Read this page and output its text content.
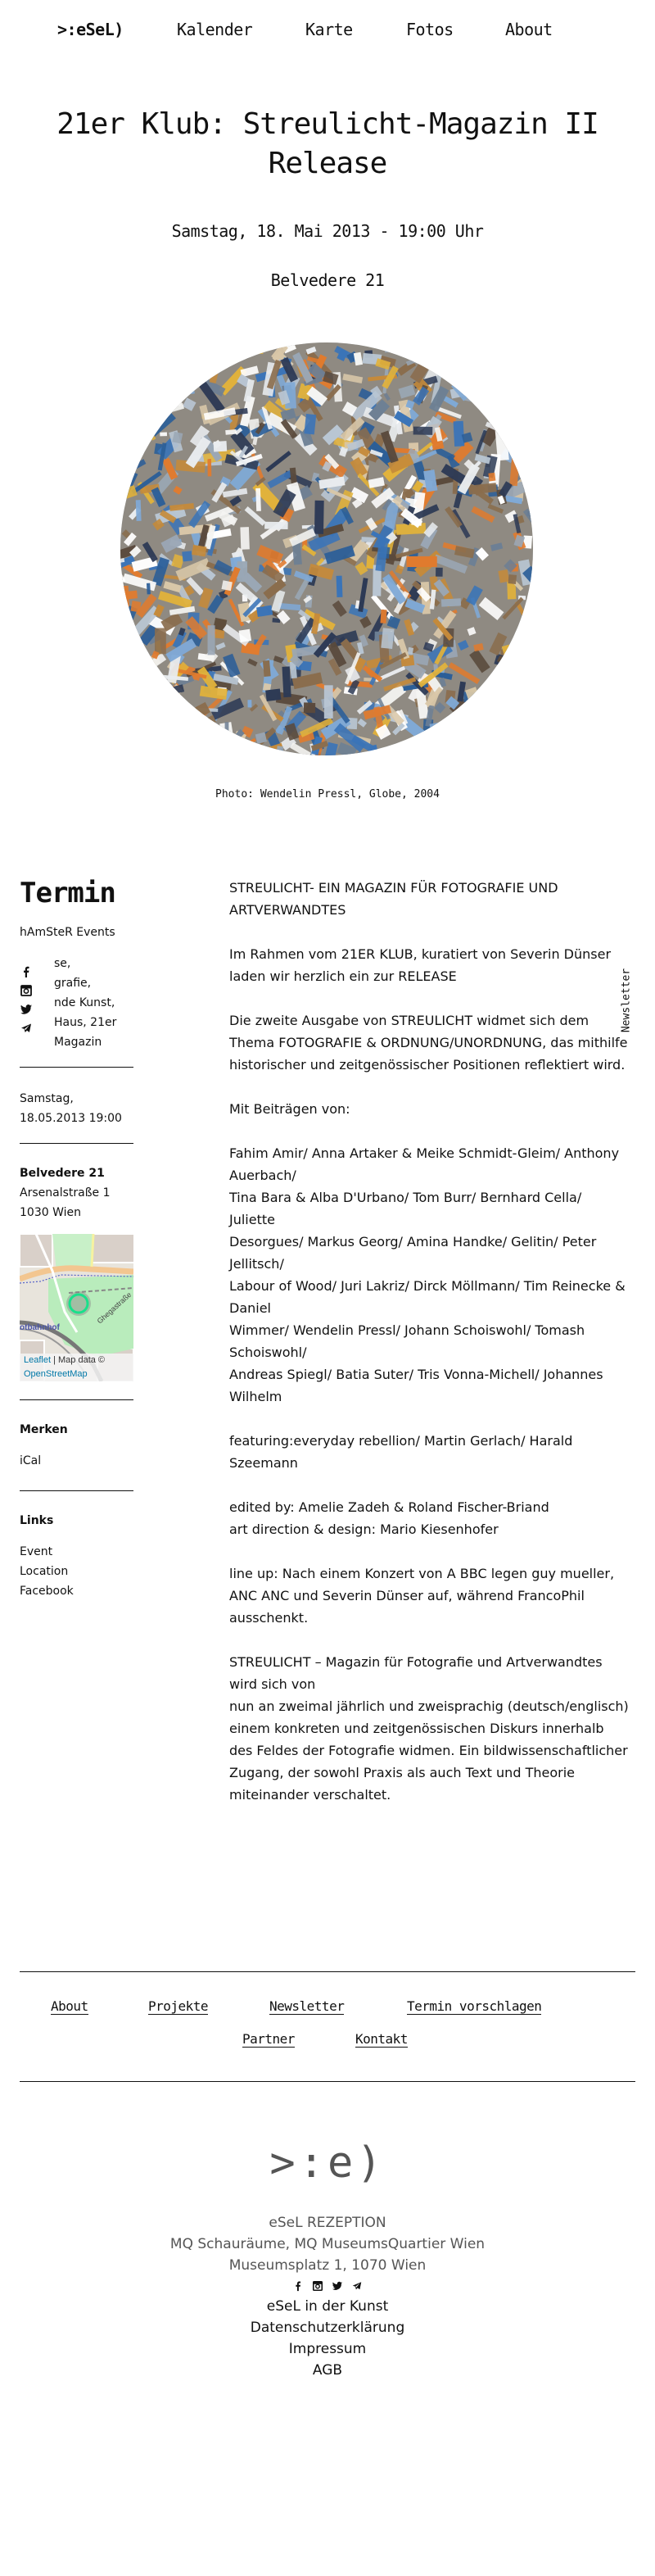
>:eSeL)	Kalender	Karte	Fotos	About
21er Klub: Streulicht-Magazin II Release
Samstag, 18. Mai 2013 - 19:00 Uhr
Belvedere 21
Photo: Wendelin Pressl, Globe, 2004
Termin
hAmSteR Events
se,
grafie,
nde Kunst,
Haus, 21er
Magazin
Samstag,
18.05.2013 19:00
Belvedere 21
Arsenalstraße 1
1030 Wien
otbahnhof
Ghegastraße
Leaflet | Map data ©
OpenStreetMap
Merken
iCal
Links
Event
Location
Facebook

STREULICHT- EIN MAGAZIN FÜR FOTOGRAFIE UND ARTVERWANDTES

Im Rahmen vom 21ER KLUB, kuratiert von Severin Dünser laden wir herzlich ein zur RELEASE

Die zweite Ausgabe von STREULICHT widmet sich dem Thema FOTOGRAFIE & ORDNUNG/UNORDNUNG, das mithilfe historischer und zeitgenössischer Positionen reflektiert wird.

Mit Beiträgen von:

Fahim Amir/ Anna Artaker & Meike Schmidt-Gleim/ Anthony Auerbach/
Tina Bara & Alba D'Urbano/ Tom Burr/ Bernhard Cella/ Juliette
Desorgues/ Markus Georg/ Amina Handke/ Gelitin/ Peter Jellitsch/
Labour of Wood/ Juri Lakriz/ Dirck Möllmann/ Tim Reinecke & Daniel
Wimmer/ Wendelin Pressl/ Johann Schoiswohl/ Tomash Schoiswohl/
Andreas Spiegl/ Batia Suter/ Tris Vonna-Michell/ Johannes Wilhelm

featuring:everyday rebellion/ Martin Gerlach/ Harald Szeemann

edited by: Amelie Zadeh & Roland Fischer-Briand
art direction & design: Mario Kiesenhofer

line up: Nach einem Konzert von A BBC legen guy mueller, ANC ANC und Severin Dünser auf, während FrancoPhil ausschenkt.

STREULICHT – Magazin für Fotografie und Artverwandtes wird sich von
nun an zweimal jährlich und zweisprachig (deutsch/englisch) einem konkreten und zeitgenössischen Diskurs innerhalb des Feldes der Fotografie widmen. Ein bildwissenschaftlicher Zugang, der sowohl Praxis als auch Text und Theorie miteinander verschaltet.

Newsletter
About	Projekte	Newsletter	Termin vorschlagen
Partner	Kontakt
>:e)
eSeL REZEPTION
MQ Schauräume, MQ MuseumsQuartier Wien
Museumsplatz 1, 1070 Wien
eSeL in der Kunst
Datenschutzerklärung
Impressum
AGB
